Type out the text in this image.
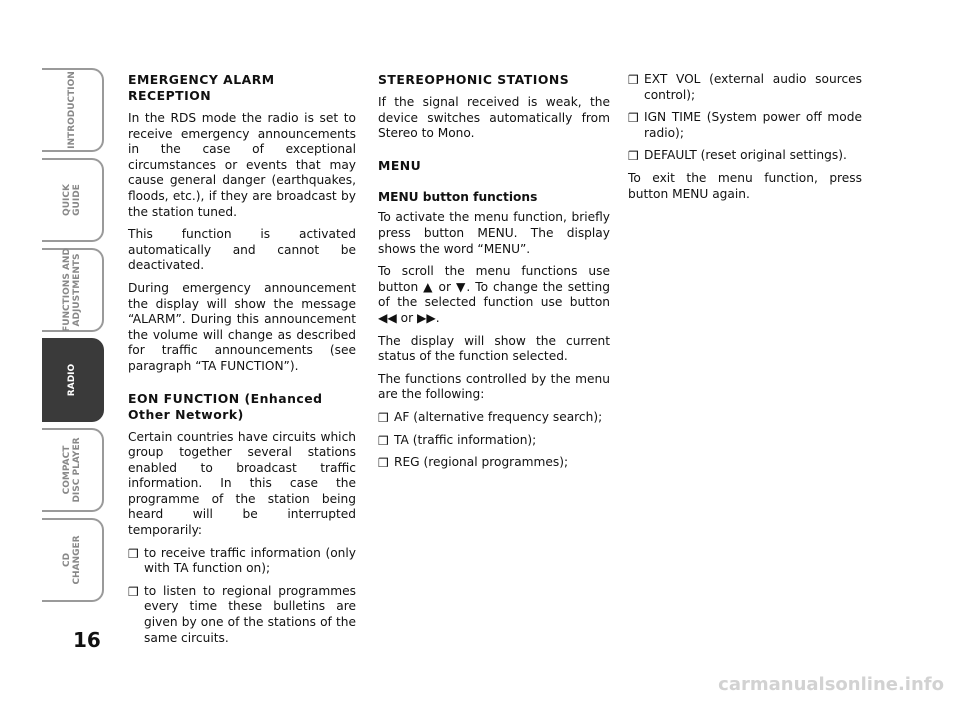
INTRODUCTION
QUICK
GUIDE
FUNCTIONS AND
ADJUSTMENTS
RADIO
COMPACT
DISC PLAYER
CD
CHANGER
16
EMERGENCY ALARM RECEPTION

In the RDS mode the radio is set to receive emergency announcements in the case of exceptional circumstances or events that may cause general danger (earthquakes, floods, etc.), if they are broadcast by the station tuned.

This function is activated automatically and cannot be deactivated.

During emergency announcement the display will show the message “ALARM”. During this announcement the volume will change as described for traffic announcements (see paragraph “TA FUNCTION”).

EON FUNCTION (Enhanced Other Network)

Certain countries have circuits which group together several stations enabled to broadcast traffic information. In this case the programme of the station being heard will be interrupted temporarily:

❒ to receive traffic information (only with TA function on);
❒ to listen to regional programmes every time these bulletins are given by one of the stations of the same circuits.
STEREOPHONIC STATIONS

If the signal received is weak, the device switches automatically from Stereo to Mono.

MENU
MENU button functions

To activate the menu function, briefly press button MENU. The display shows the word “MENU”.

To scroll the menu functions use button ▲ or ▼. To change the setting of the selected function use button ◀◀ or ▶▶.

The display will show the current status of the function selected.

The functions controlled by the menu are the following:

❒ AF (alternative frequency search);
❒ TA (traffic information);
❒ REG (regional programmes);
❒ EXT VOL (external audio sources control);
❒ IGN TIME (System power off mode radio);
❒ DEFAULT (reset original settings).

To exit the menu function, press button MENU again.

carmanualsonline.info
